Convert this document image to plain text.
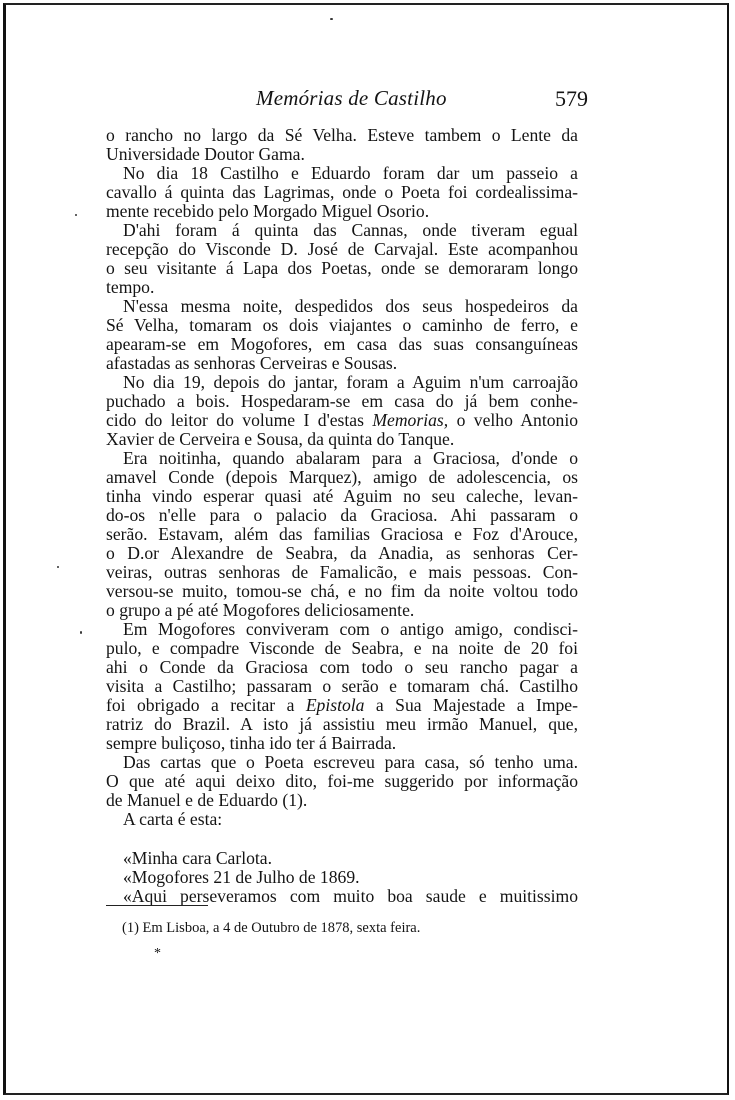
Memórias de Castilho	579
o rancho no largo da Sé Velha. Esteve tambem o Lente da
Universidade Doutor Gama.
No dia 18 Castilho e Eduardo foram dar um passeio a
cavallo á quinta das Lagrimas, onde o Poeta foi cordealissima-
mente recebido pelo Morgado Miguel Osorio.
D'ahi foram á quinta das Cannas, onde tiveram egual
recepção do Visconde D. José de Carvajal. Este acompanhou
o seu visitante á Lapa dos Poetas, onde se demoraram longo
tempo.
N'essa mesma noite, despedidos dos seus hospedeiros da
Sé Velha, tomaram os dois viajantes o caminho de ferro, e
apearam-se em Mogofores, em casa das suas consanguíneas
afastadas as senhoras Cerveiras e Sousas.
No dia 19, depois do jantar, foram a Aguim n'um carroajão
puchado a bois. Hospedaram-se em casa do já bem conhe-
cido do leitor do volume I d'estas Memorias, o velho Antonio
Xavier de Cerveira e Sousa, da quinta do Tanque.
Era noitinha, quando abalaram para a Graciosa, d'onde o
amavel Conde (depois Marquez), amigo de adolescencia, os
tinha vindo esperar quasi até Aguim no seu caleche, levan-
do-os n'elle para o palacio da Graciosa. Ahi passaram o
serão. Estavam, além das familias Graciosa e Foz d'Arouce,
o D.or Alexandre de Seabra, da Anadia, as senhoras Cer-
veiras, outras senhoras de Famalicão, e mais pessoas. Con-
versou-se muito, tomou-se chá, e no fim da noite voltou todo
o grupo a pé até Mogofores deliciosamente.
Em Mogofores conviveram com o antigo amigo, condisci-
pulo, e compadre Visconde de Seabra, e na noite de 20 foi
ahi o Conde da Graciosa com todo o seu rancho pagar a
visita a Castilho; passaram o serão e tomaram chá. Castilho
foi obrigado a recitar a Epistola a Sua Majestade a Impe-
ratriz do Brazil. A isto já assistiu meu irmão Manuel, que,
sempre buliçoso, tinha ido ter á Bairrada.
Das cartas que o Poeta escreveu para casa, só tenho uma.
O que até aqui deixo dito, foi-me suggerido por informação
de Manuel e de Eduardo (1).
A carta é esta:
«Minha cara Carlota.
«Mogofores 21 de Julho de 1869.
«Aqui perseveramos com muito boa saude e muitissimo
(1) Em Lisboa, a 4 de Outubro de 1878, sexta feira.
*
